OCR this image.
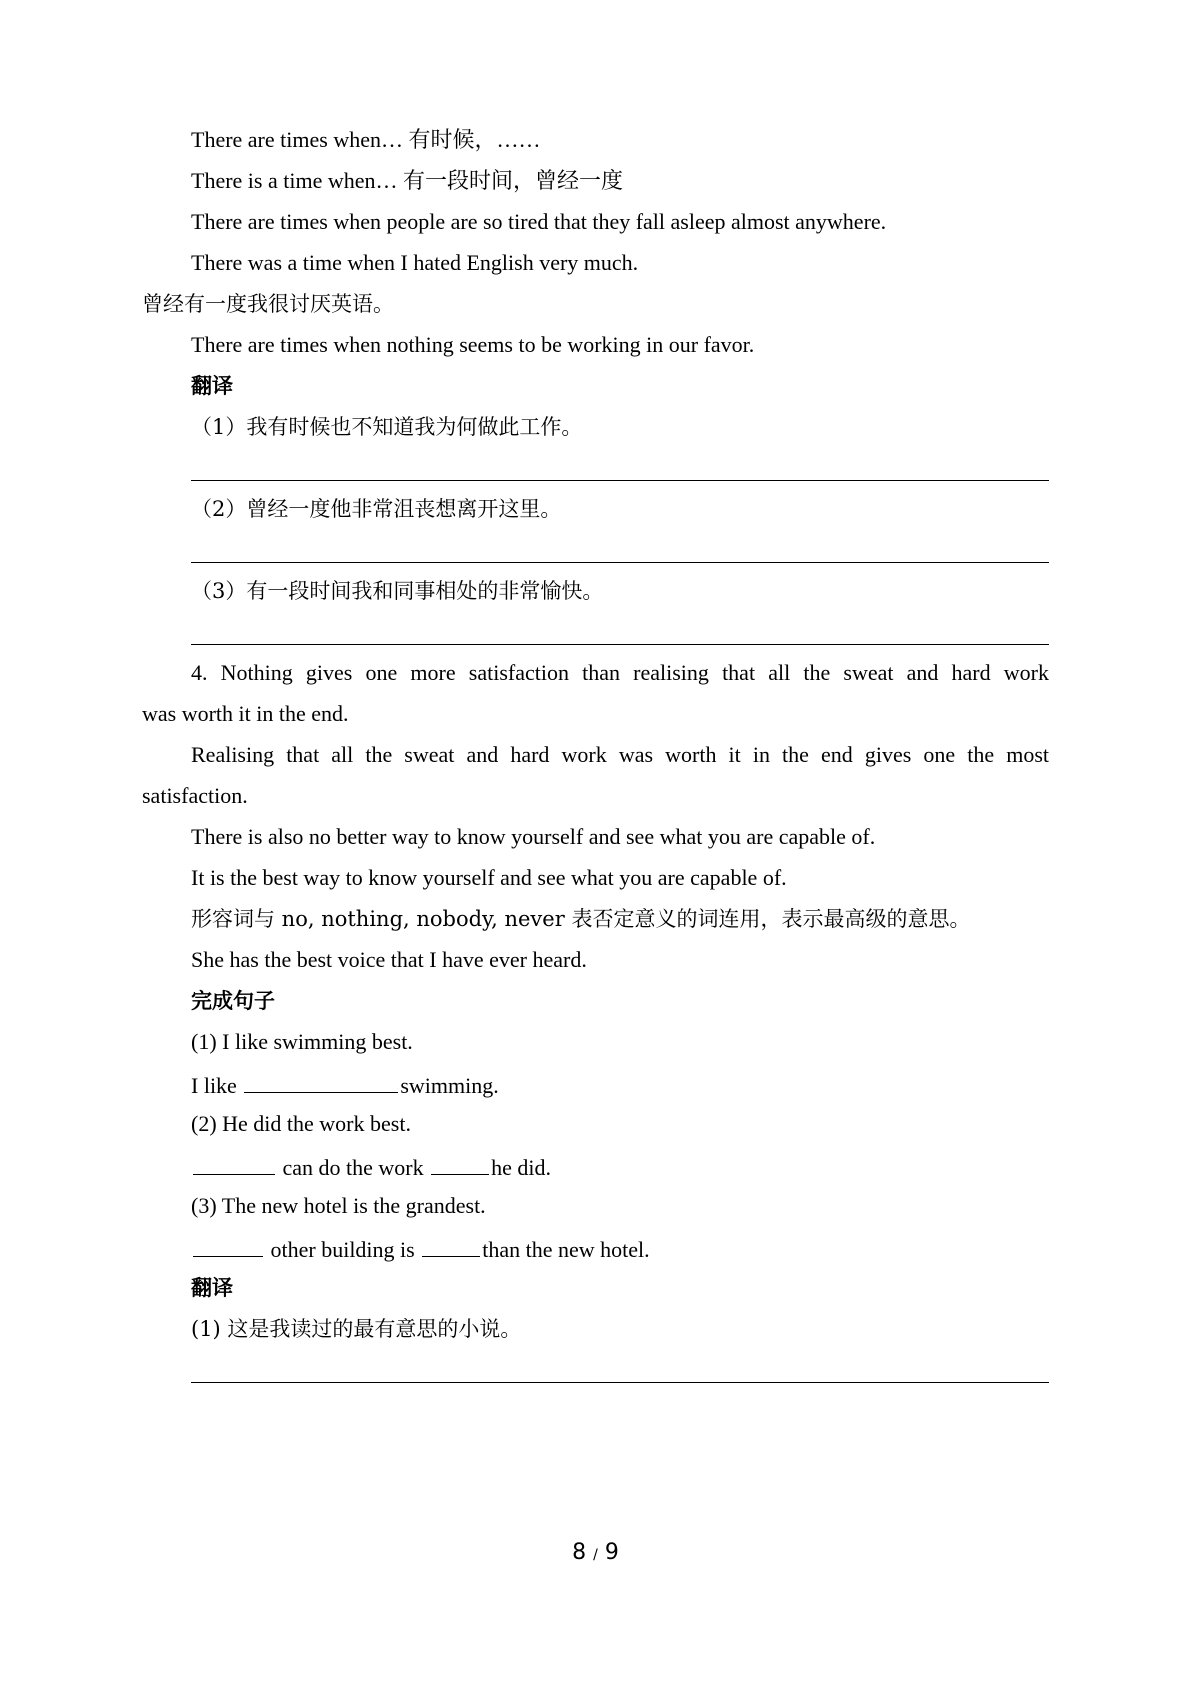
There are times when… 有时候，……
There is a time when… 有一段时间，曾经一度
There are times when people are so tired that they fall asleep almost anywhere.
There was a time when I hated English very much.
曾经有一度我很讨厌英语。
There are times when nothing seems to be working in our favor.
翻译
（1）我有时候也不知道我为何做此工作。
（2）曾经一度他非常沮丧想离开这里。
（3）有一段时间我和同事相处的非常愉快。
4. Nothing gives one more satisfaction than realising that all the sweat and hard work
was worth it in the end.
Realising that all the sweat and hard work was worth it in the end gives one the most
satisfaction.
There is also no better way to know yourself and see what you are capable of.
It is the best way to know yourself and see what you are capable of.
形容词与 no, nothing, nobody, never 表否定意义的词连用，表示最高级的意思。
She has the best voice that I have ever heard.
完成句子
(1) I like swimming best.
I like	swimming.
(2) He did the work best.
can do the work	he did.
(3) The new hotel is the grandest.
other building is	than the new hotel.
翻译
(1) 这是我读过的最有意思的小说。
8 / 9
